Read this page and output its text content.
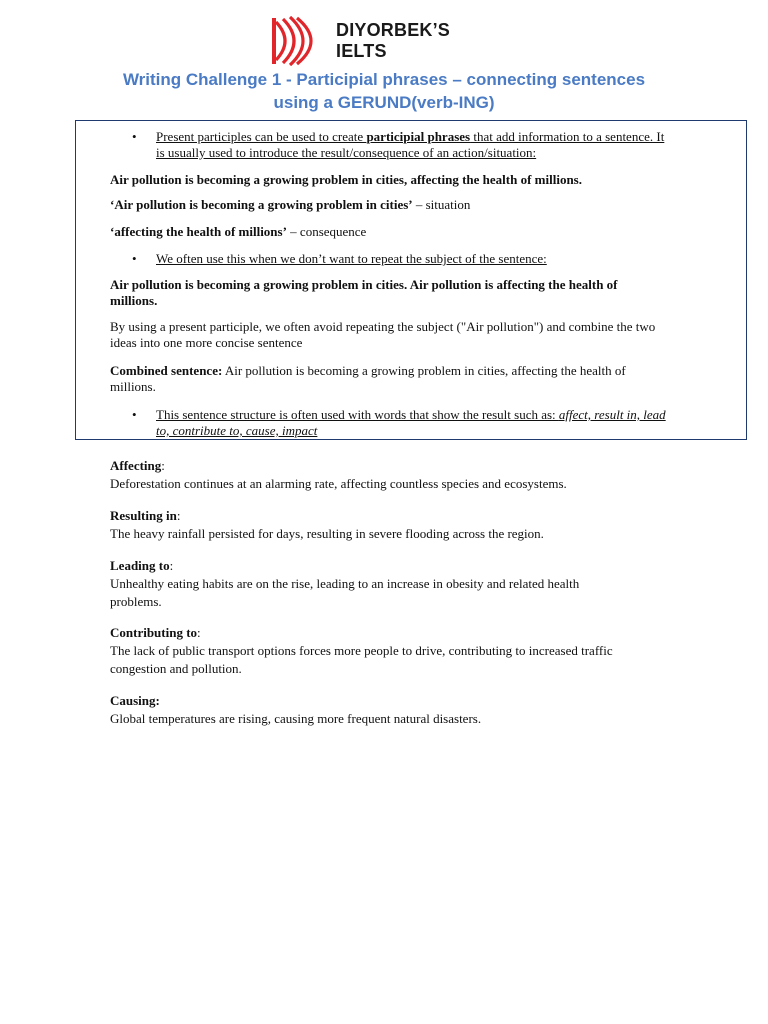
DIYORBEK’S
IELTS
Writing Challenge 1 - Participial phrases – connecting sentences
using a GERUND(verb-ING)
• Present participles can be used to create participial phrases that add information to a sentence. It
is usually used to introduce the result/consequence of an action/situation:
Air pollution is becoming a growing problem in cities, affecting the health of millions.
‘Air pollution is becoming a growing problem in cities’ – situation
‘affecting the health of millions’ – consequence
• We often use this when we don’t want to repeat the subject of the sentence:
Air pollution is becoming a growing problem in cities. Air pollution is affecting the health of
millions.
By using a present participle, we often avoid repeating the subject ("Air pollution") and combine the two
ideas into one more concise sentence
Combined sentence: Air pollution is becoming a growing problem in cities, affecting the health of
millions.
• This sentence structure is often used with words that show the result such as: affect, result in, lead
to, contribute to, cause, impact
Affecting:
Deforestation continues at an alarming rate, affecting countless species and ecosystems.
Resulting in:
The heavy rainfall persisted for days, resulting in severe flooding across the region.
Leading to:
Unhealthy eating habits are on the rise, leading to an increase in obesity and related health
problems.
Contributing to:
The lack of public transport options forces more people to drive, contributing to increased traffic
congestion and pollution.
Causing:
Global temperatures are rising, causing more frequent natural disasters.
